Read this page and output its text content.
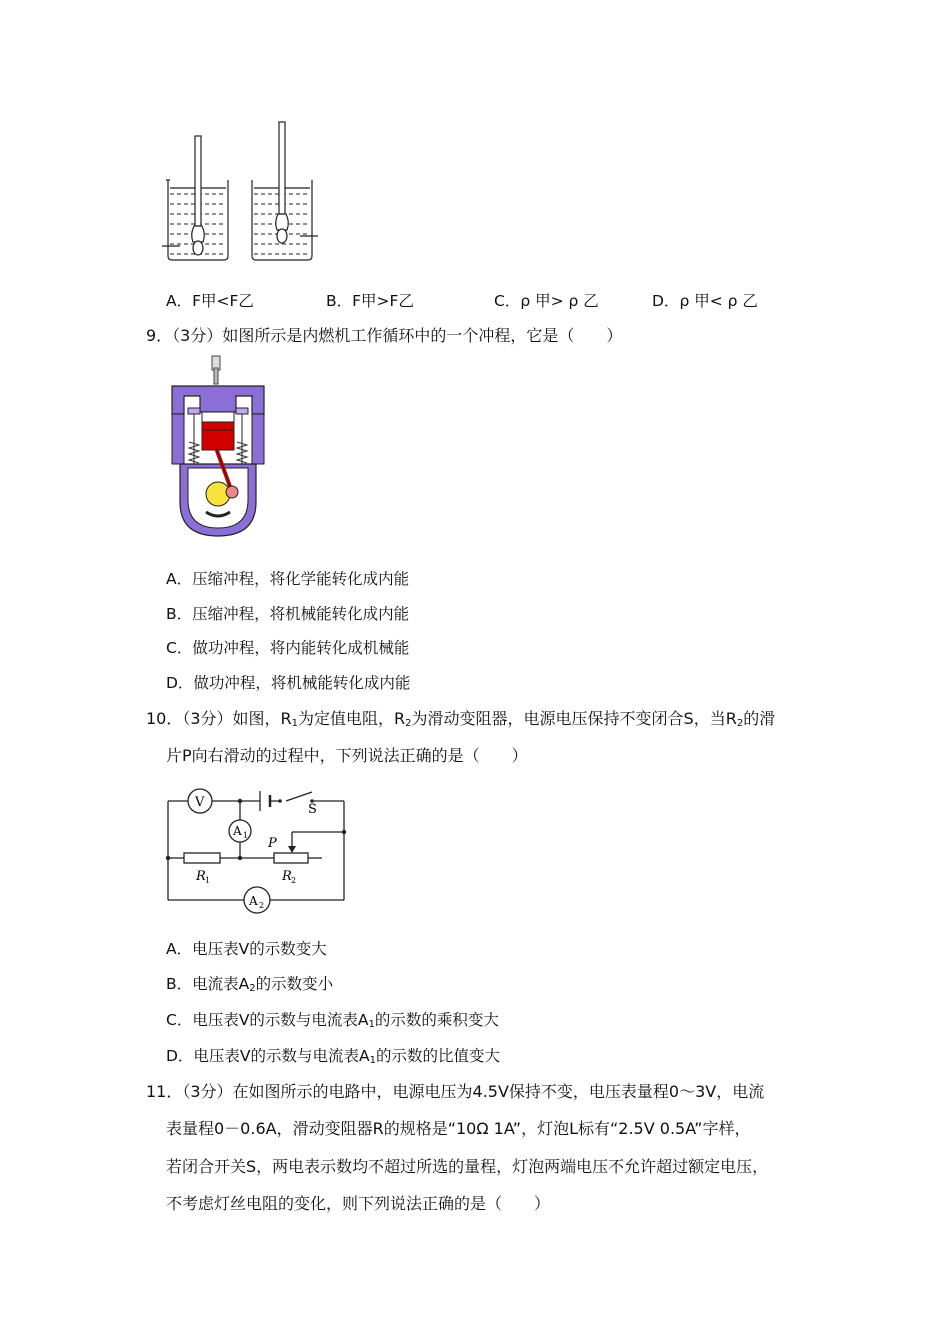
A．F甲<F乙	B．F甲>F乙	C．ρ 甲> ρ 乙	D．ρ 甲< ρ 乙
9．（3分）如图所示是内燃机工作循环中的一个冲程，它是（　　）
A．压缩冲程，将化学能转化成内能
B．压缩冲程，将机械能转化成内能
C．做功冲程，将内能转化成机械能
D．做功冲程，将机械能转化成内能
10．（3分）如图，$R_1$为定值电阻，$R_2$为滑动变阻器，电源电压保持不变闭合S，当$R_2$的滑
片P向右滑动的过程中，下列说法正确的是（　　）
V
A 1
A 2
S
P
R 1	R 2
A．电压表V的示数变大
B．电流表$A_2$的示数变小
C．电压表V的示数与电流表$A_1$的示数的乘积变大
D．电压表V的示数与电流表$A_1$的示数的比值变大
11．（3分）在如图所示的电路中，电源电压为4.5V保持不变，电压表量程0～3V，电流
表量程0－0.6A，滑动变阻器R的规格是“10Ω 1A”，灯泡L标有“2.5V 0.5A”字样，
若闭合开关S，两电表示数均不超过所选的量程，灯泡两端电压不允许超过额定电压，
不考虑灯丝电阻的变化，则下列说法正确的是（　　）
